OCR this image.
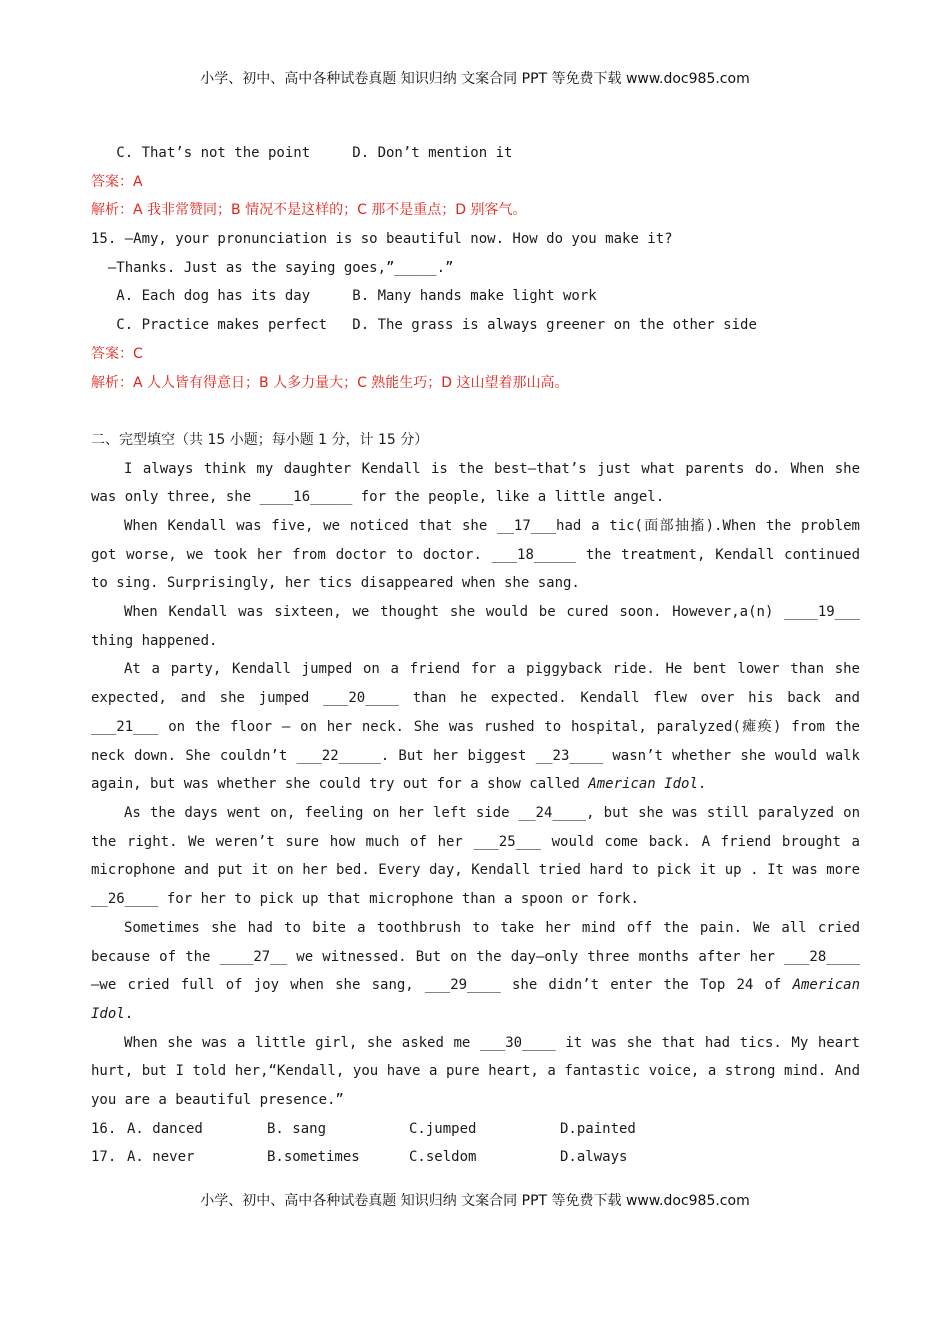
小学、初中、高中各种试卷真题 知识归纳 文案合同 PPT 等免费下载 www.doc985.com
C. That’s not the point     D. Don’t mention it
答案：A
解析：A 我非常赞同；B 情况不是这样的；C 那不是重点；D 别客气。
15. —Amy, your pronunciation is so beautiful now. How do you make it?
—Thanks. Just as the saying goes,”_____.”
A. Each dog has its day     B. Many hands make light work
C. Practice makes perfect   D. The grass is always greener on the other side
答案：C
解析：A 人人皆有得意日；B 人多力量大；C 熟能生巧；D 这山望着那山高。
二、完型填空（共 15 小题；每小题 1 分，计 15 分）
I always think my daughter Kendall is the best—that’s just what parents do. When she was only three, she ____16_____ for the people, like a little angel.
When Kendall was five, we noticed that she __17___had a tic(面部抽搐).When the problem got worse, we took her from doctor to doctor. ___18_____ the treatment, Kendall continued to sing. Surprisingly, her tics disappeared when she sang.
When Kendall was sixteen, we thought she would be cured soon. However,a(n) ____19___ thing happened.
At a party, Kendall jumped on a friend for a piggyback ride. He bent lower than she expected, and she jumped ___20____ than he expected. Kendall flew over his back and ___21___ on the floor — on her neck. She was rushed to hospital, paralyzed(瘫痪) from the neck down. She couldn’t ___22_____. But her biggest __23____ wasn’t whether she would walk again, but was whether she could try out for a show called American Idol.
As the days went on, feeling on her left side __24____, but she was still paralyzed on the right. We weren’t sure how much of her ___25___ would come back. A friend brought a microphone and put it on her bed. Every day, Kendall tried hard to pick it up . It was more __26____ for her to pick up that microphone than a spoon or fork.
Sometimes she had to bite a toothbrush to take her mind off the pain. We all cried because of the ____27__ we witnessed. But on the day—only three months after her ___28____ —we cried full of joy when she sang, ___29____ she didn’t enter the Top 24 of American Idol.
When she was a little girl, she asked me ___30____ it was she that had tics. My heart hurt, but I told her,“Kendall, you have a pure heart, a fantastic voice, a strong mind. And you are a beautiful presence.”
16. A. danced	B. sang	C.jumped	D.painted
17. A. never	B.sometimes	C.seldom	D.always
小学、初中、高中各种试卷真题 知识归纳 文案合同 PPT 等免费下载 www.doc985.com
